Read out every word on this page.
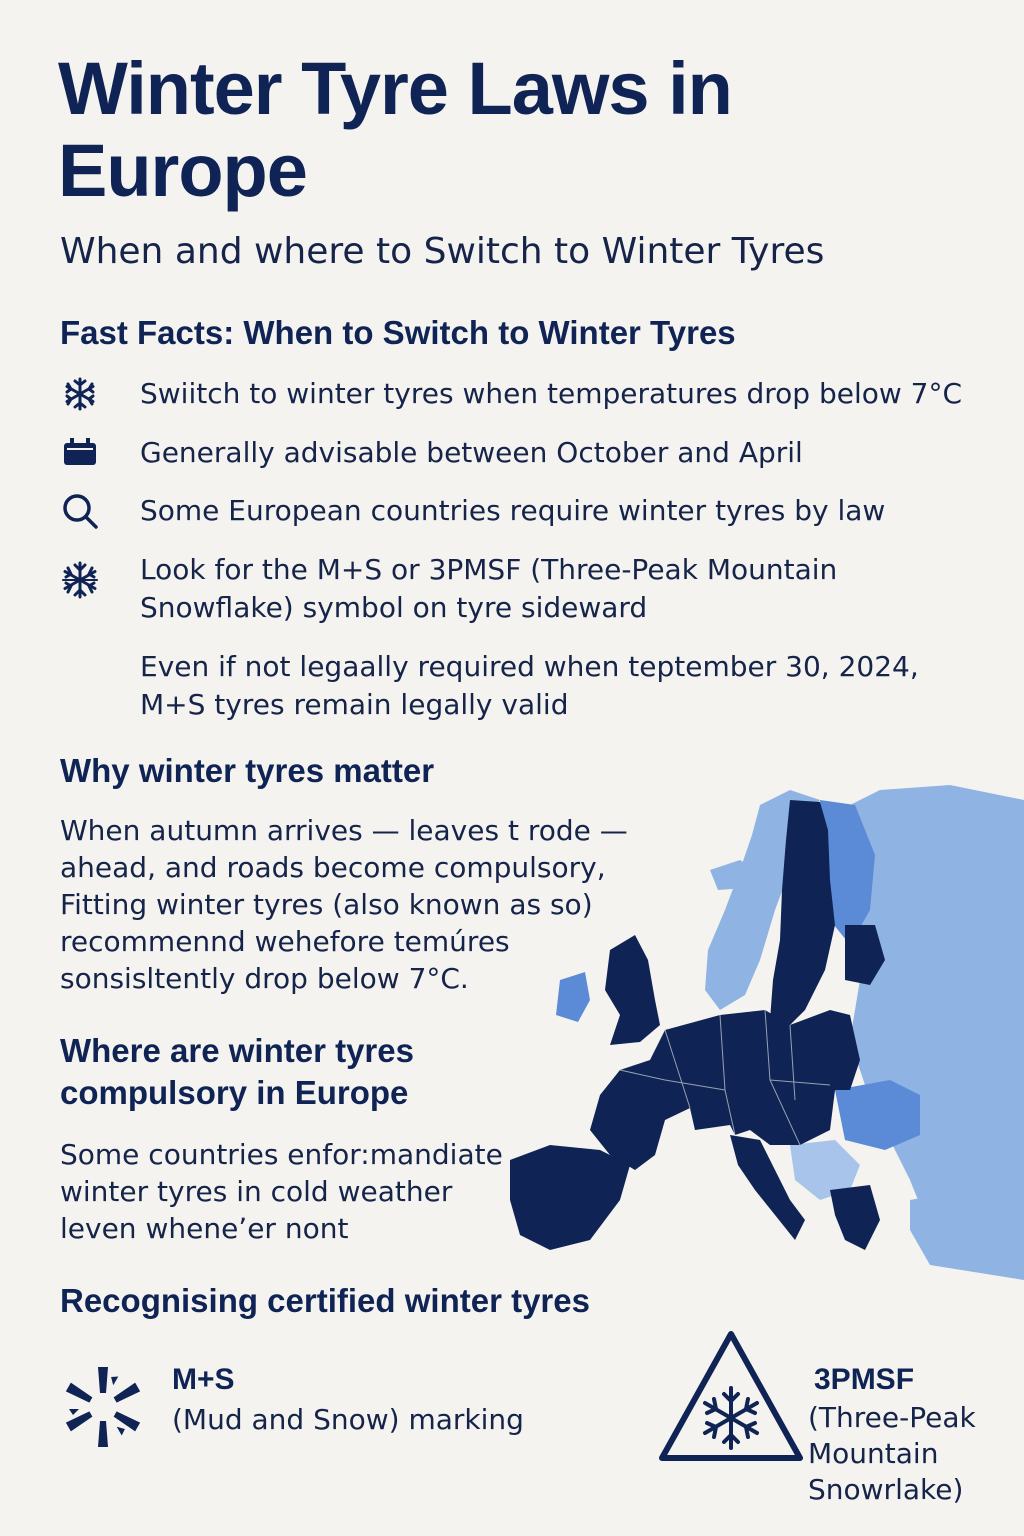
Winter Tyre Laws in Europe
When and where to Switch to Winter Tyres
Fast Facts: When to Switch to Winter Tyres
Swiitch to winter tyres when temperatures drop below 7°C
Generally advisable between October and April
Some European countries require winter tyres by law
Look for the M+S or 3PMSF (Three-Peak Mountain
Snowflake) symbol on tyre sideward
Even if not legaally required when teptember 30, 2024,
M+S tyres remain legally valid
Why winter tyres matter
When autumn arrives — leaves t rode —
ahead, and roads become compulsory,
Fitting winter tyres (also known as so)
recommennd wehefore temúres
sonsisltently drop below 7°C.
Where are winter tyres
compulsory in Europe
Some countries enfor:mandiate
winter tyres in cold weather
leven wheneʼer nont
Recognising certified winter tyres
M+S
(Mud and Snow) marking
3PMSF
(Three-Peak
Mountain
Snowrlake)
